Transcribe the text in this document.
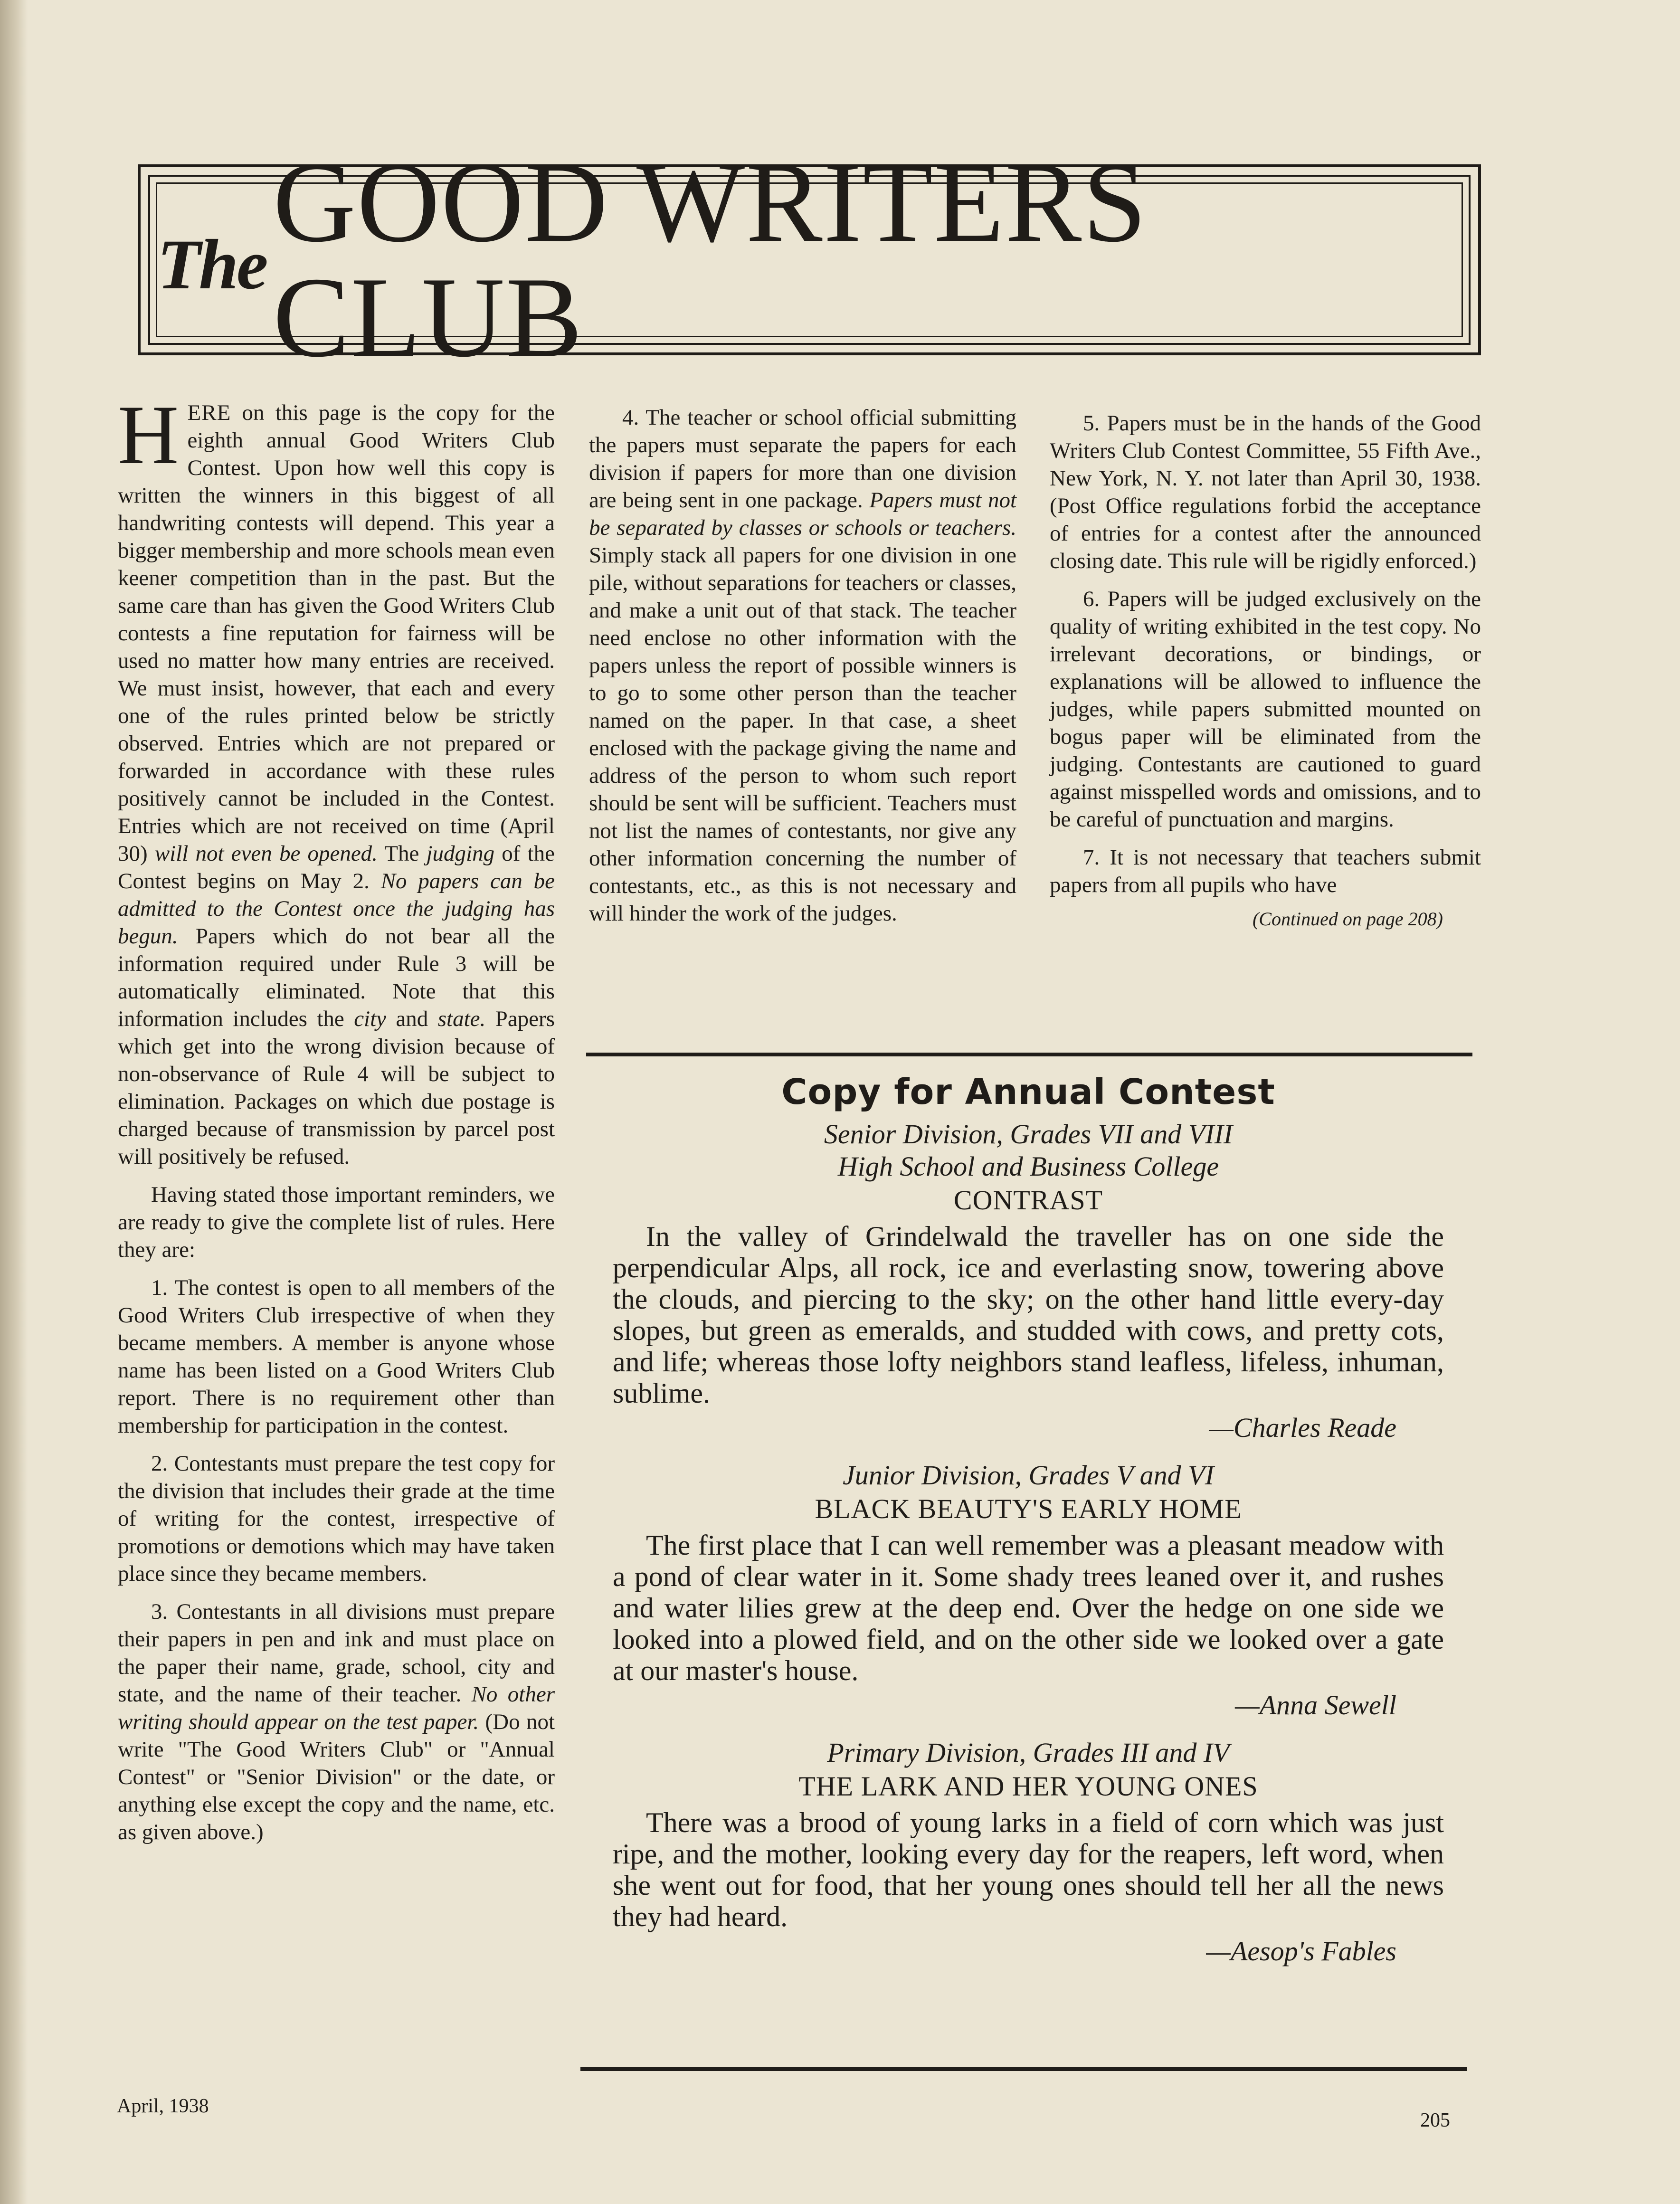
The GOOD WRITERS CLUB

HERE on this page is the copy for the eighth annual Good Writers Club Contest. Upon how well this copy is written the winners in this biggest of all handwriting contests will depend. This year a bigger membership and more schools mean even keener competition than in the past. But the same care than has given the Good Writers Club contests a fine reputation for fairness will be used no matter how many entries are received. We must insist, however, that each and every one of the rules printed below be strictly observed. Entries which are not prepared or forwarded in accordance with these rules positively cannot be included in the Contest. Entries which are not received on time (April 30) will not even be opened. The judging of the Contest begins on May 2. No papers can be admitted to the Contest once the judging has begun. Papers which do not bear all the information required under Rule 3 will be automatically eliminated. Note that this information includes the city and state. Papers which get into the wrong division because of non-observance of Rule 4 will be subject to elimination. Packages on which due postage is charged because of transmission by parcel post will positively be refused.

Having stated those important reminders, we are ready to give the complete list of rules. Here they are:

1. The contest is open to all members of the Good Writers Club irrespective of when they became members. A member is anyone whose name has been listed on a Good Writers Club report. There is no requirement other than membership for participation in the contest.

2. Contestants must prepare the test copy for the division that includes their grade at the time of writing for the contest, irrespective of promotions or demotions which may have taken place since they became members.

3. Contestants in all divisions must prepare their papers in pen and ink and must place on the paper their name, grade, school, city and state, and the name of their teacher. No other writing should appear on the test paper. (Do not write "The Good Writers Club" or "Annual Contest" or "Senior Division" or the date, or anything else except the copy and the name, etc. as given above.)

4. The teacher or school official submitting the papers must separate the papers for each division if papers for more than one division are being sent in one package. Papers must not be separated by classes or schools or teachers. Simply stack all papers for one division in one pile, without separations for teachers or classes, and make a unit out of that stack. The teacher need enclose no other information with the papers unless the report of possible winners is to go to some other person than the teacher named on the paper. In that case, a sheet enclosed with the package giving the name and address of the person to whom such report should be sent will be sufficient. Teachers must not list the names of contestants, nor give any other information concerning the number of contestants, etc., as this is not necessary and will hinder the work of the judges.

5. Papers must be in the hands of the Good Writers Club Contest Committee, 55 Fifth Ave., New York, N. Y. not later than April 30, 1938. (Post Office regulations forbid the acceptance of entries for a contest after the announced closing date. This rule will be rigidly enforced.)

6. Papers will be judged exclusively on the quality of writing exhibited in the test copy. No irrelevant decorations, or bindings, or explanations will be allowed to influence the judges, while papers submitted mounted on bogus paper will be eliminated from the judging. Contestants are cautioned to guard against misspelled words and omissions, and to be careful of punctuation and margins.

7. It is not necessary that teachers submit papers from all pupils who have

(Continued on page 208)
Copy for Annual Contest
Senior Division, Grades VII and VIII
High School and Business College
CONTRAST

In the valley of Grindelwald the traveller has on one side the perpendicular Alps, all rock, ice and everlasting snow, towering above the clouds, and piercing to the sky; on the other hand little every-day slopes, but green as emeralds, and studded with cows, and pretty cots, and life; whereas those lofty neighbors stand leafless, lifeless, inhuman, sublime.

—Charles Reade
Junior Division, Grades V and VI
BLACK BEAUTY'S EARLY HOME

The first place that I can well remember was a pleasant meadow with a pond of clear water in it. Some shady trees leaned over it, and rushes and water lilies grew at the deep end. Over the hedge on one side we looked into a plowed field, and on the other side we looked over a gate at our master's house.

—Anna Sewell
Primary Division, Grades III and IV
THE LARK AND HER YOUNG ONES

There was a brood of young larks in a field of corn which was just ripe, and the mother, looking every day for the reapers, left word, when she went out for food, that her young ones should tell her all the news they had heard.

—Aesop's Fables
April, 1938
205
